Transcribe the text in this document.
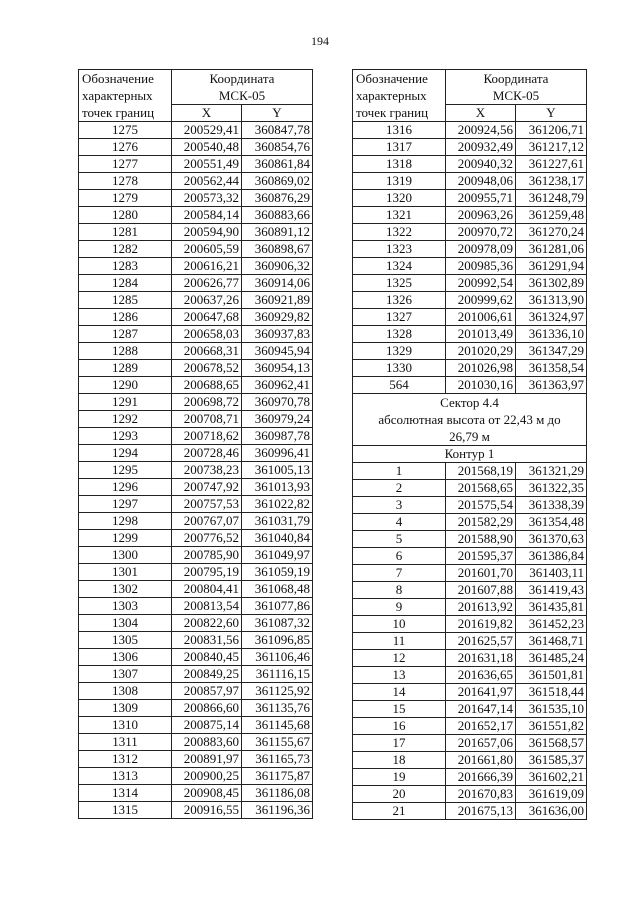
194
Обозначение
характерных
точек границ	Координата
МСК-05	
	X	Y
1275	200529,41	360847,78
1276	200540,48	360854,76
1277	200551,49	360861,84
1278	200562,44	360869,02
1279	200573,32	360876,29
1280	200584,14	360883,66
1281	200594,90	360891,12
1282	200605,59	360898,67
1283	200616,21	360906,32
1284	200626,77	360914,06
1285	200637,26	360921,89
1286	200647,68	360929,82
1287	200658,03	360937,83
1288	200668,31	360945,94
1289	200678,52	360954,13
1290	200688,65	360962,41
1291	200698,72	360970,78
1292	200708,71	360979,24
1293	200718,62	360987,78
1294	200728,46	360996,41
1295	200738,23	361005,13
1296	200747,92	361013,93
1297	200757,53	361022,82
1298	200767,07	361031,79
1299	200776,52	361040,84
1300	200785,90	361049,97
1301	200795,19	361059,19
1302	200804,41	361068,48
1303	200813,54	361077,86
1304	200822,60	361087,32
1305	200831,56	361096,85
1306	200840,45	361106,46
1307	200849,25	361116,15
1308	200857,97	361125,92
1309	200866,60	361135,76
1310	200875,14	361145,68
1311	200883,60	361155,67
1312	200891,97	361165,73
1313	200900,25	361175,87
1314	200908,45	361186,08
1315	200916,55	361196,36
Обозначение
характерных
точек границ	Координата
МСК-05	
	X	Y
1316	200924,56	361206,71
1317	200932,49	361217,12
1318	200940,32	361227,61
1319	200948,06	361238,17
1320	200955,71	361248,79
1321	200963,26	361259,48
1322	200970,72	361270,24
1323	200978,09	361281,06
1324	200985,36	361291,94
1325	200992,54	361302,89
1326	200999,62	361313,90
1327	201006,61	361324,97
1328	201013,49	361336,10
1329	201020,29	361347,29
1330	201026,98	361358,54
564	201030,16	361363,97
Сектор 4.4
абсолютная высота от 22,43 м до
26,79 м		
Контур 1		
1	201568,19	361321,29
2	201568,65	361322,35
3	201575,54	361338,39
4	201582,29	361354,48
5	201588,90	361370,63
6	201595,37	361386,84
7	201601,70	361403,11
8	201607,88	361419,43
9	201613,92	361435,81
10	201619,82	361452,23
11	201625,57	361468,71
12	201631,18	361485,24
13	201636,65	361501,81
14	201641,97	361518,44
15	201647,14	361535,10
16	201652,17	361551,82
17	201657,06	361568,57
18	201661,80	361585,37
19	201666,39	361602,21
20	201670,83	361619,09
21	201675,13	361636,00
